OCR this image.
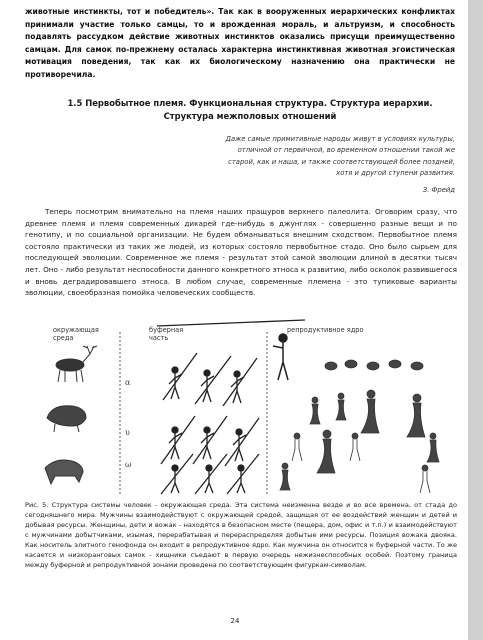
животные инстинкты, тот и победитель». Так как в вооруженных иерархических конфликтах принимали участие только самцы, то и врожденная мораль, и альтруизм, и способность подавлять рассудком действие животных инстинктов оказались присущи преимущественно самцам. Для самок по-прежнему осталась характерна инстинктивная животная эгоистическая мотивация поведения, так как их биологическому назначению она практически не противоречила.
1.5 Первобытное племя. Функциональная структура. Структура иерархии.
Структура межполовых отношений
Даже самые примитивные народы живут в условиях культуры, отличной от первичной, во временном отношении такой же старой, как и наша, и также соответствующей более поздней, хотя и другой ступени развития.
З. Фрейд
Теперь посмотрим внимательно на племя наших пращуров верхнего палеолита. Оговорим сразу, что древнее племя и племя современных дикарей где-нибудь в джунглях - совершенно разные вещи и по генотипу, и по социальной организации. Не будем обманываться внешним сходством. Первобытное племя состояло практически из таких же людей, из которых состояло первобытное стадо. Оно было сырьем для последующей эволюции. Современное же племя - результат этой самой эволюции длиной в десятки тысяч лет. Оно - либо результат неспособности данного конкретного этноса к развитию, либо осколок развившегося и вновь деградировавшего этноса. В любом случае, современные племена - это тупиковые варианты эволюции, своеобразная помойка человеческих сообществ.
окружающая среда
буферная часть
репродуктивное ядро
α
υ
ω
Рис. 5. Структура системы человек - окружающая среда. Эта система неизменна везде и во все времена, от стада до сегодняшнего мира. Мужчины взаимодействуют с окружающей средой, защищая от ее воздействий женщин и детей и добывая ресурсы. Женщины, дети и вожак - находятся в безопасном месте (пещера, дом, офис и т.п.) и взаимодействуют с мужчинами добытчиками, изымая, перерабатывая и перераспределяя добытые ими ресурсы. Позиция вожака двояка. Как носитель элитного генофонда он входит в репродуктивное ядро. Как мужчина он относится к буферной части. То же касается и низкоранговых самок - хищники съедают в первую очередь нежизнеспособных особей. Поэтому граница между буферной и репродуктивной зонами проведена по соответствующим фигуркам-символам.
24
